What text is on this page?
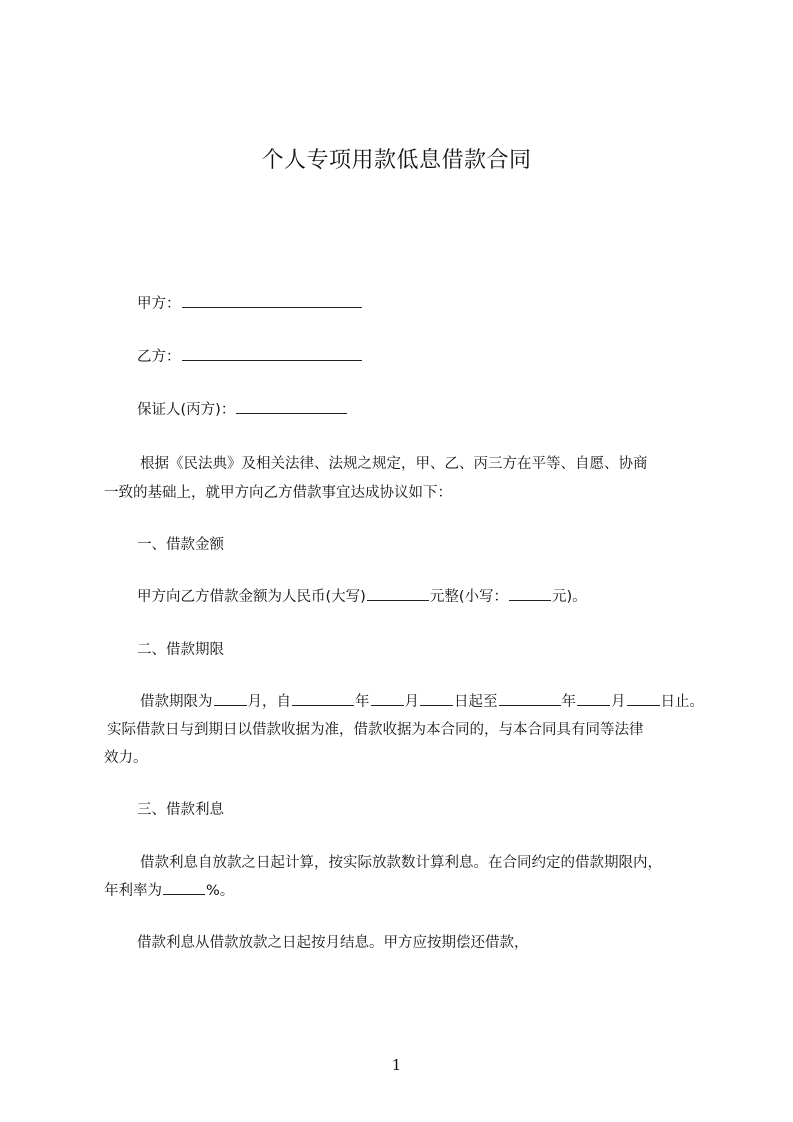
个人专项用款低息借款合同
甲方：
乙方：
保证人(丙方)：
根据《民法典》及相关法律、法规之规定，甲、乙、丙三方在平等、自愿、协商
一致的基础上，就甲方向乙方借款事宜达成协议如下：
一、借款金额
甲方向乙方借款金额为人民币(大写)	元整(小写：	元)。
二、借款期限
借款期限为 月，自	年 月 日起至	年 月 日止。
实际借款日与到期日以借款收据为准，借款收据为本合同的，与本合同具有同等法律
效力。
三、借款利息
借款利息自放款之日起计算，按实际放款数计算利息。在合同约定的借款期限内，
年利率为	%。
借款利息从借款放款之日起按月结息。甲方应按期偿还借款，
1
